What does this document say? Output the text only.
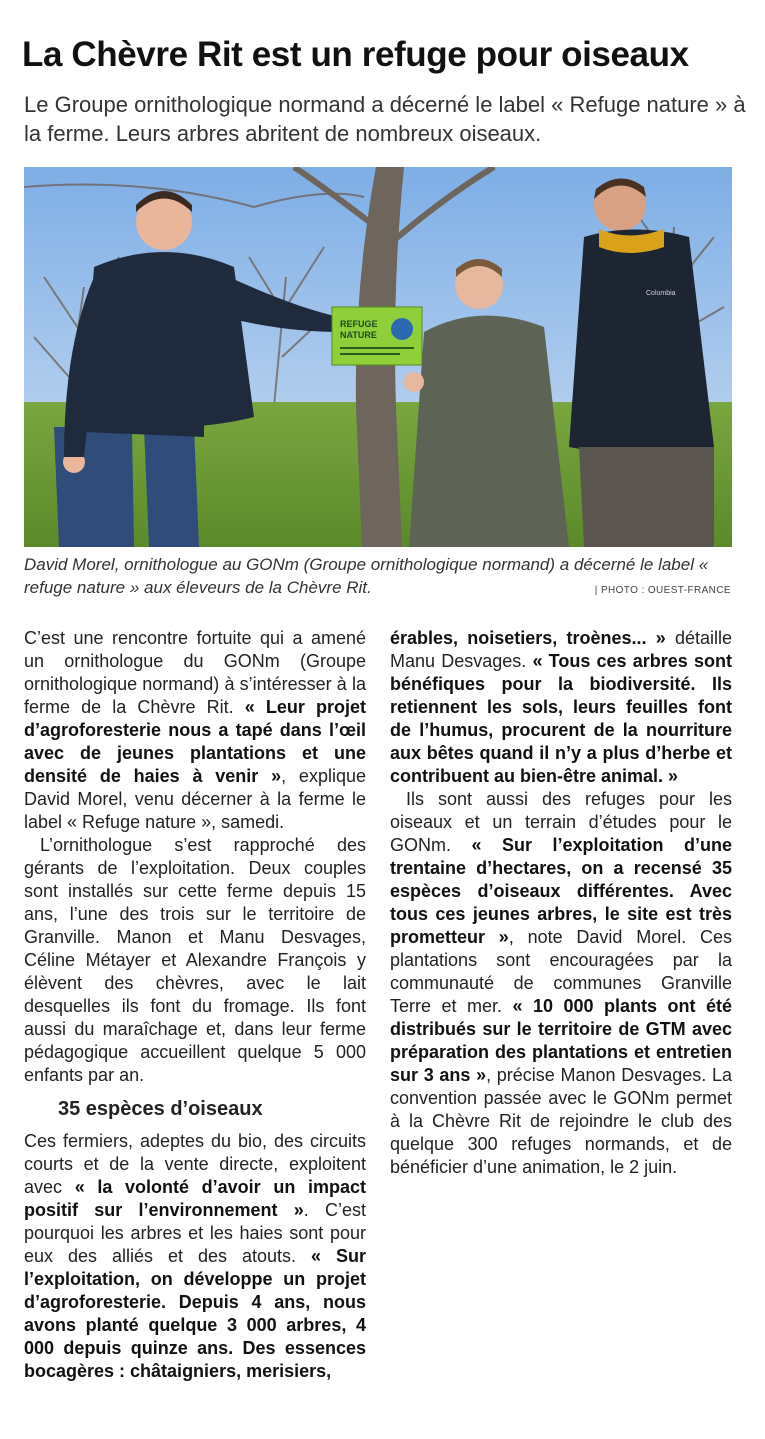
La Chèvre Rit est un refuge pour oiseaux

Le Groupe ornithologique normand a décerné le label « Refuge nature » à la ferme. Leurs arbres abritent de nombreux oiseaux.

REFUGE
NATURE
Columbia

David Morel, ornithologue au GONm (Groupe ornithologique normand) a décerné le label « refuge nature » aux éleveurs de la Chèvre Rit.	| PHOTO : OUEST-FRANCE

C’est une rencontre fortuite qui a amené un ornithologue du GONm (Groupe ornithologique normand) à s’intéresser à la ferme de la Chèvre Rit. « Leur projet d’agroforesterie nous a tapé dans l’œil avec de jeunes plantations et une densité de haies à venir », explique David Morel, venu décerner à la ferme le label « Refuge nature », samedi.

L’ornithologue s’est rapproché des gérants de l’exploitation. Deux couples sont installés sur cette ferme depuis 15 ans, l’une des trois sur le territoire de Granville. Manon et Manu Desvages, Céline Métayer et Alexandre François y élèvent des chèvres, avec le lait desquelles ils font du fromage. Ils font aussi du maraîchage et, dans leur ferme pédagogique accueillent quelque 5 000 enfants par an.

35 espèces d’oiseaux

Ces fermiers, adeptes du bio, des circuits courts et de la vente directe, exploitent avec « la volonté d’avoir un impact positif sur l’environnement ». C’est pourquoi les arbres et les haies sont pour eux des alliés et des atouts. « Sur l’exploitation, on développe un projet d’agroforesterie. Depuis 4 ans, nous avons planté quelque 3 000 arbres, 4 000 depuis quinze ans. Des essences bocagères : châtaigniers, merisiers,

érables, noisetiers, troènes... » détaille Manu Desvages. « Tous ces arbres sont bénéfiques pour la biodiversité. Ils retiennent les sols, leurs feuilles font de l’humus, procurent de la nourriture aux bêtes quand il n’y a plus d’herbe et contribuent au bien-être animal. »

Ils sont aussi des refuges pour les oiseaux et un terrain d’études pour le GONm. « Sur l’exploitation d’une trentaine d’hectares, on a recensé 35 espèces d’oiseaux différentes. Avec tous ces jeunes arbres, le site est très prometteur », note David Morel. Ces plantations sont encouragées par la communauté de communes Granville Terre et mer. « 10 000 plants ont été distribués sur le territoire de GTM avec préparation des plantations et entretien sur 3 ans », précise Manon Desvages. La convention passée avec le GONm permet à la Chèvre Rit de rejoindre le club des quelque 300 refuges normands, et de bénéficier d’une animation, le 2 juin.
